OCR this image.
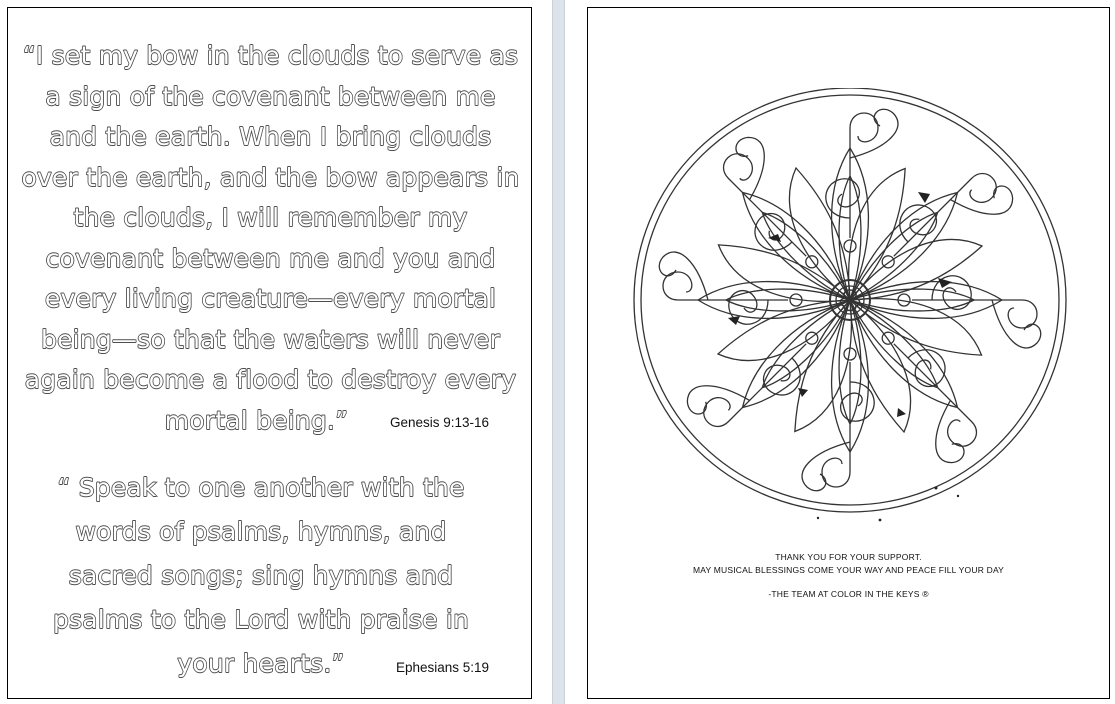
“I set my bow in the clouds to serve as
a sign of the covenant between me
and the earth. When I bring clouds
over the earth, and the bow appears in
the clouds, I will remember my
covenant between me and you and
every living creature—every mortal
being—so that the waters will never
again become a flood to destroy every
mortal being.”	Genesis 9:13-16
“ Speak to one another with the
words of psalms, hymns, and
sacred songs; sing hymns and
psalms to the Lord with praise in
your hearts.”	Ephesians 5:19
THANK YOU FOR YOUR SUPPORT.
MAY MUSICAL BLESSINGS COME YOUR WAY AND PEACE FILL YOUR DAY
-THE TEAM AT COLOR IN THE KEYS ®
